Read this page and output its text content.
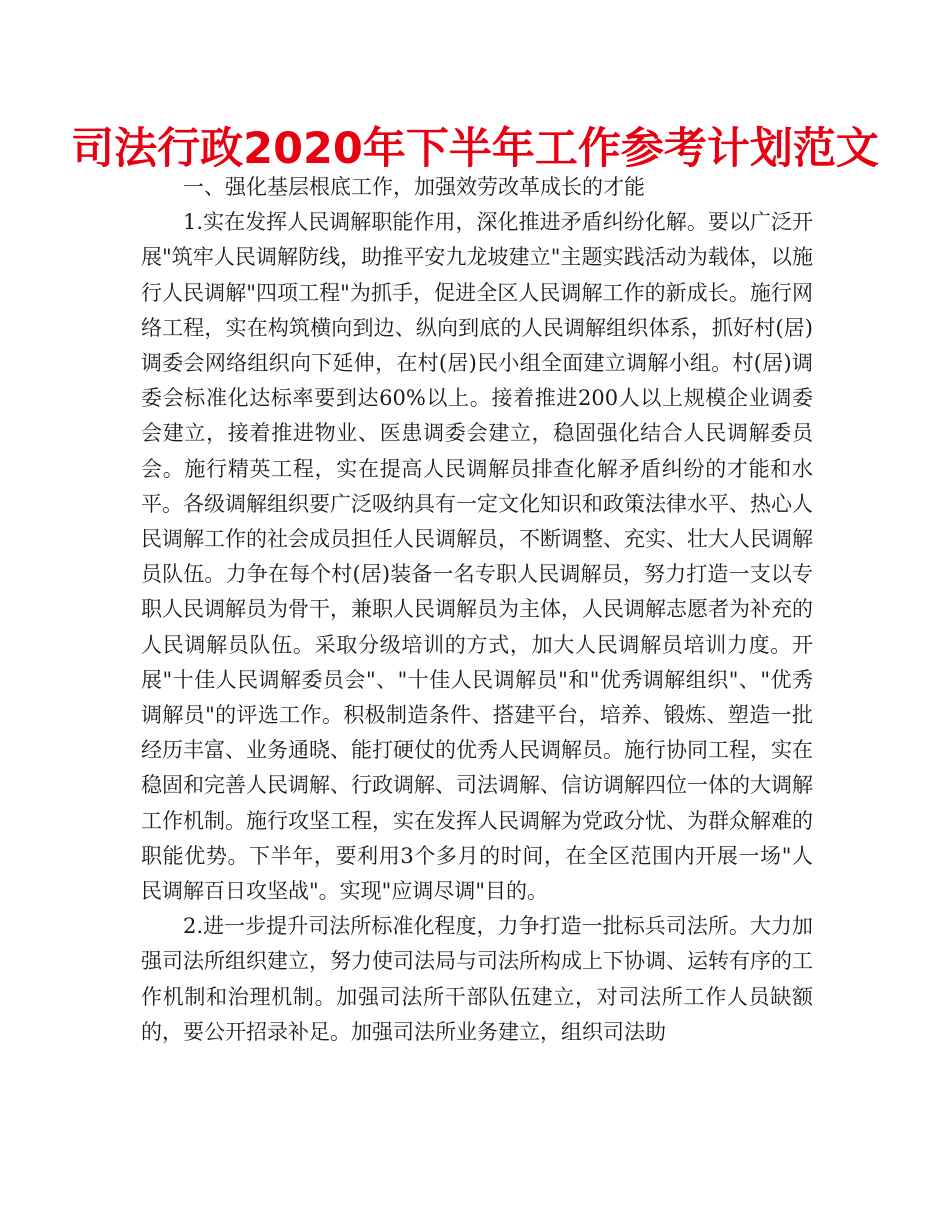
司法行政2020年下半年工作参考计划范文

一、强化基层根底工作，加强效劳改革成长的才能

1.实在发挥人民调解职能作用，深化推进矛盾纠纷化解。要以广泛开展"筑牢人民调解防线，助推平安九龙坡建立"主题实践活动为载体，以施行人民调解"四项工程"为抓手，促进全区人民调解工作的新成长。施行网络工程，实在构筑横向到边、纵向到底的人民调解组织体系，抓好村(居)调委会网络组织向下延伸，在村(居)民小组全面建立调解小组。村(居)调委会标准化达标率要到达60%以上。接着推进200人以上规模企业调委会建立，接着推进物业、医患调委会建立，稳固强化结合人民调解委员会。施行精英工程，实在提高人民调解员排查化解矛盾纠纷的才能和水平。各级调解组织要广泛吸纳具有一定文化知识和政策法律水平、热心人民调解工作的社会成员担任人民调解员，不断调整、充实、壮大人民调解员队伍。力争在每个村(居)装备一名专职人民调解员，努力打造一支以专职人民调解员为骨干，兼职人民调解员为主体，人民调解志愿者为补充的人民调解员队伍。采取分级培训的方式，加大人民调解员培训力度。开展"十佳人民调解委员会"、"十佳人民调解员"和"优秀调解组织"、"优秀调解员"的评选工作。积极制造条件、搭建平台，培养、锻炼、塑造一批经历丰富、业务通晓、能打硬仗的优秀人民调解员。施行协同工程，实在稳固和完善人民调解、行政调解、司法调解、信访调解四位一体的大调解工作机制。施行攻坚工程，实在发挥人民调解为党政分忧、为群众解难的职能优势。下半年，要利用3个多月的时间，在全区范围内开展一场"人民调解百日攻坚战"。实现"应调尽调"目的。

2.进一步提升司法所标准化程度，力争打造一批标兵司法所。大力加强司法所组织建立，努力使司法局与司法所构成上下协调、运转有序的工作机制和治理机制。加强司法所干部队伍建立，对司法所工作人员缺额的，要公开招录补足。加强司法所业务建立，组织司法助
